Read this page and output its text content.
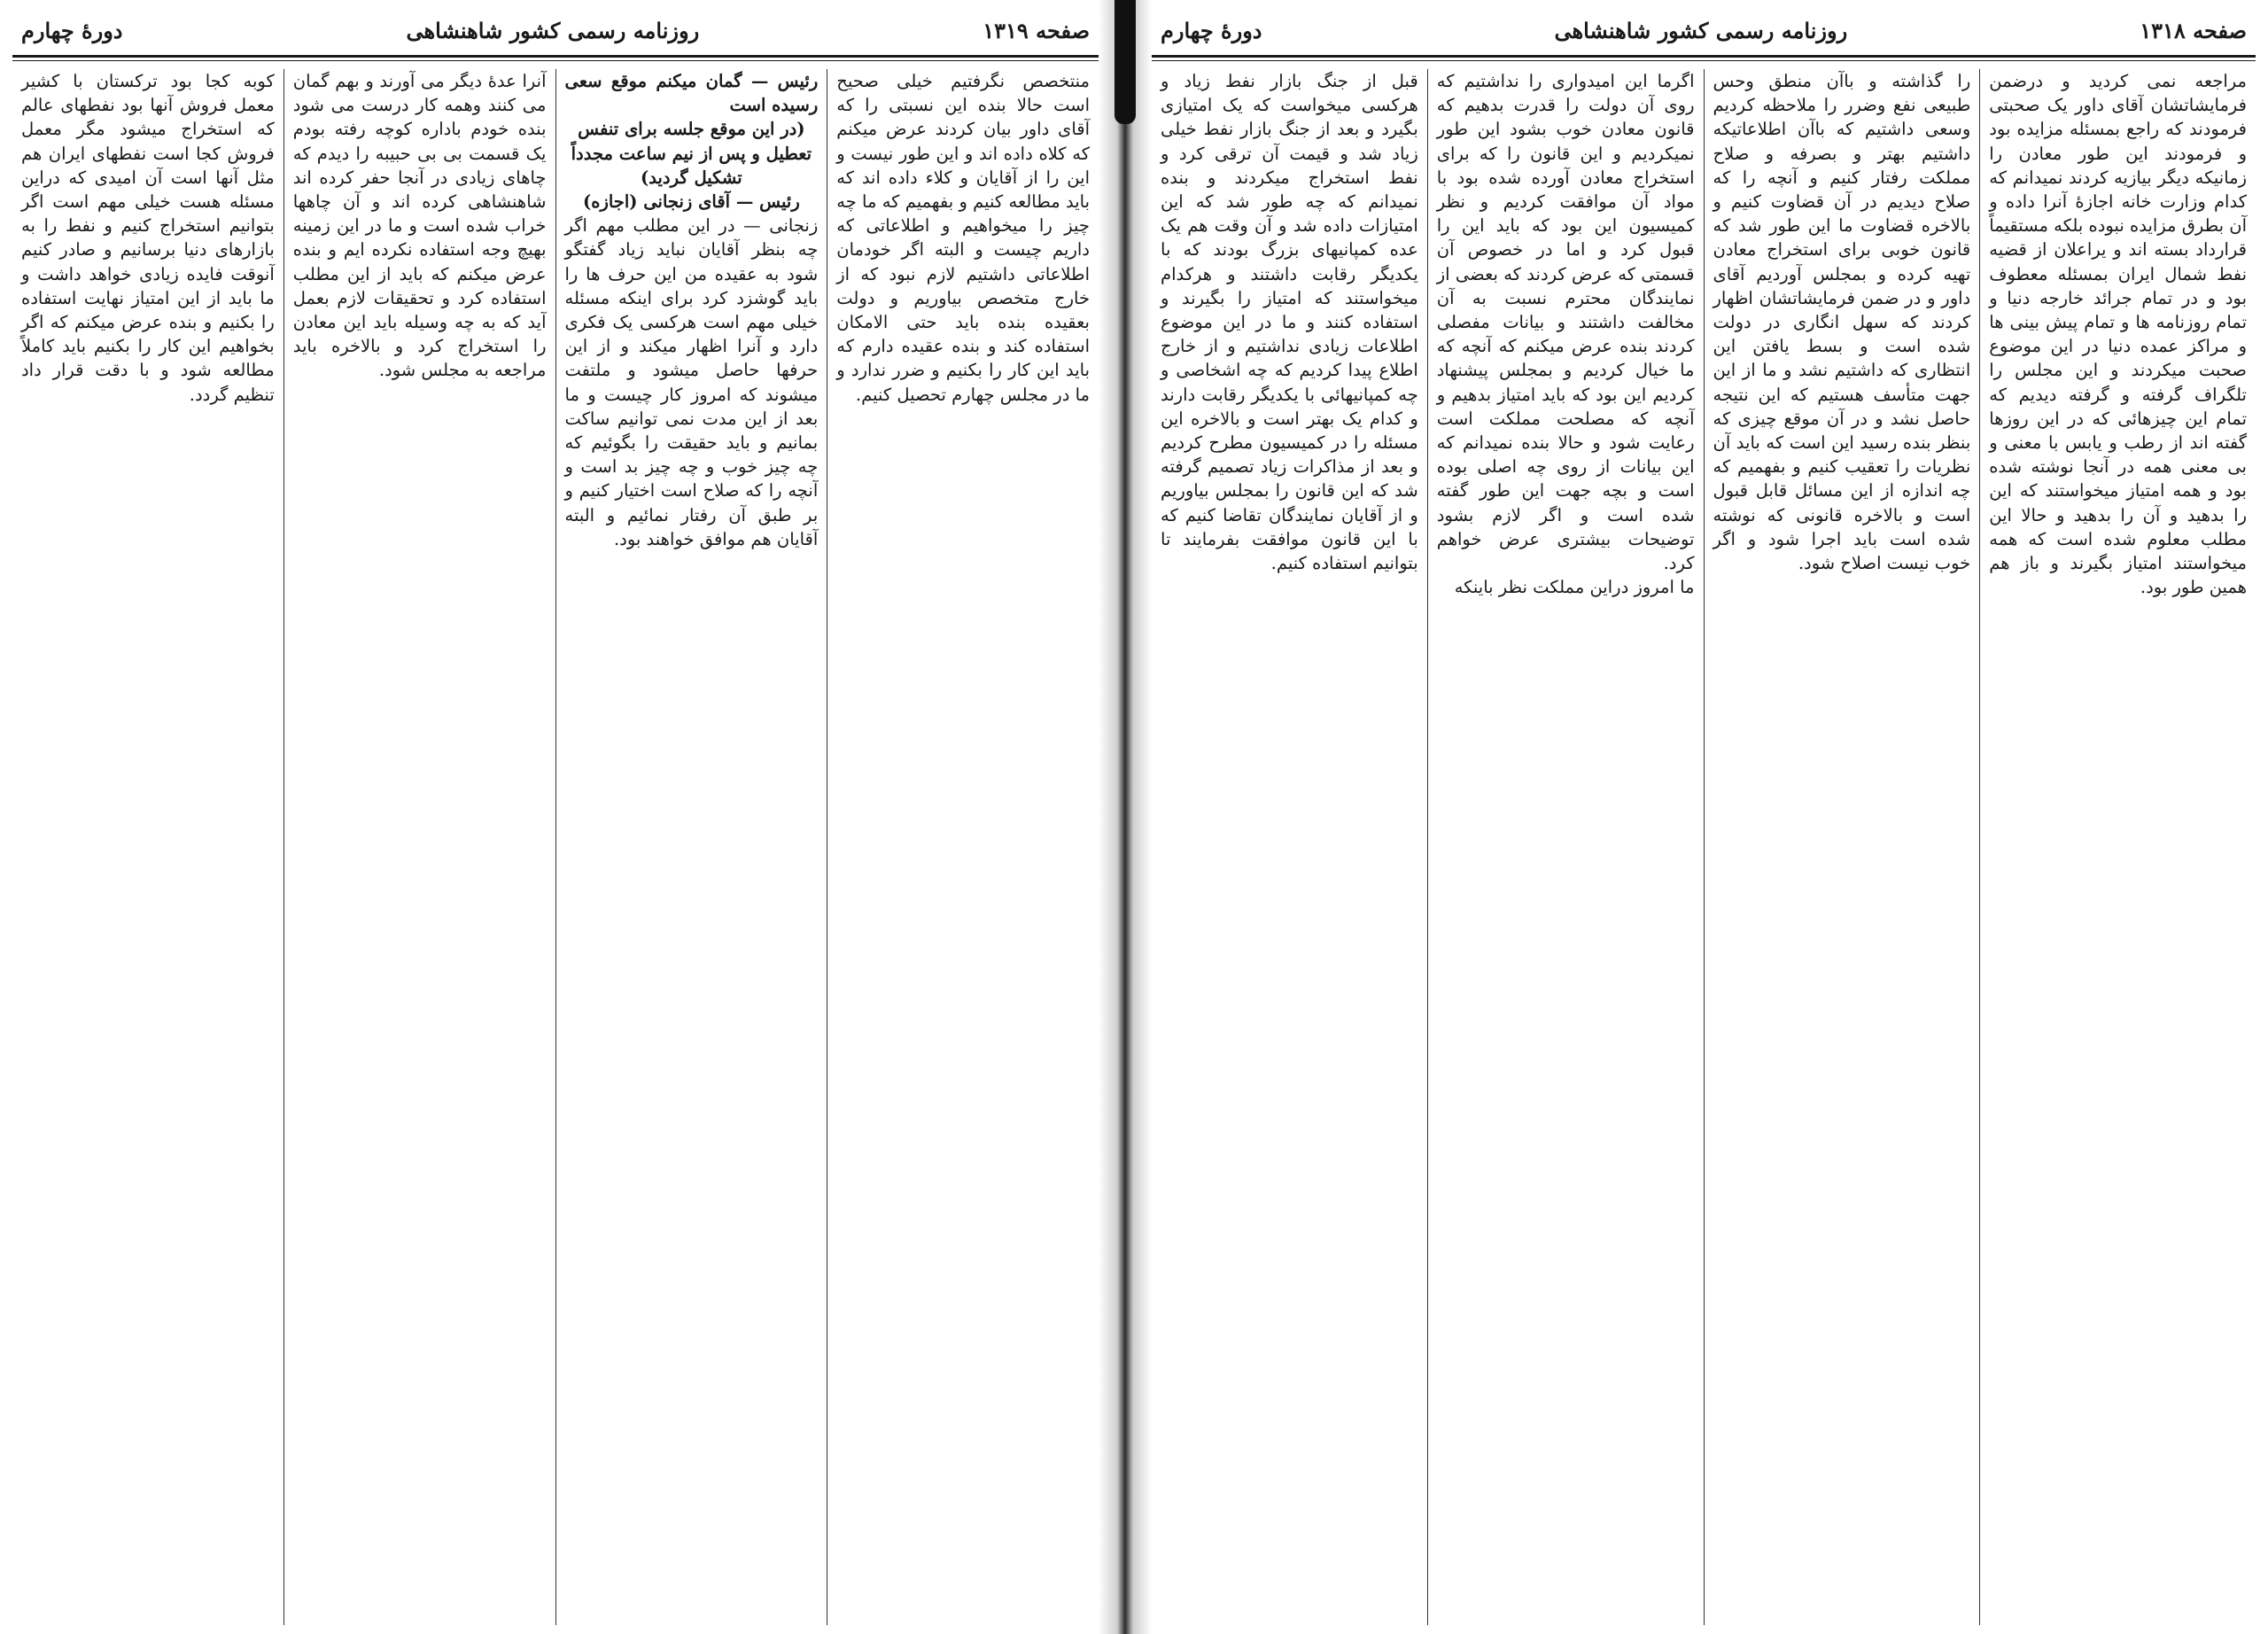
صفحه ۱۳۱۸
روزنامه رسمی کشور شاهنشاهی
دورهٔ چهارم

مراجعه نمی کردید و درضمن فرمایشاتشان آقای داور یک صحبتی فرمودند که راجع بمسئله مزایده بود و فرمودند این طور معادن را زمانیکه دیگر بیازیه کردند نمیدانم که کدام وزارت خانه اجازهٔ آنرا داده و آن بطرق مزایده نبوده بلکه مستقیماً قرارداد بسته اند و یراعلان از قضیه نفط شمال ایران بمسئله معطوف بود و در تمام جرائد خارجه دنیا و تمام روزنامه ها و تمام پیش بینی ها و مراکز عمده دنیا در این موضوع صحبت میکردند و این مجلس را تلگراف گرفته و گرفته دیدیم که تمام این چیزهائی که در این روزها گفته اند از رطب و یابس با معنی و بی معنی همه در آنجا نوشته شده بود و همه امتیاز میخواستند که این را بدهید و آن را بدهید و حالا این مطلب معلوم شده است که همه میخواستند امتیاز بگیرند و باز هم همین طور بود.

را گذاشته و باآن منطق وحس طبیعی نفع وضرر را ملاحظه کردیم وسعی داشتیم که باآن اطلاعاتیکه داشتیم بهتر و بصرفه و صلاح مملکت رفتار کنیم و آنچه را که صلاح دیدیم در آن قضاوت کنیم و بالاخره قضاوت ما این طور شد که قانون خوبی برای استخراج معادن تهیه کرده و بمجلس آوردیم آقای داور و در ضمن فرمایشاتشان اظهار کردند که سهل انگاری در دولت شده است و بسط یافتن این انتظاری که داشتیم نشد و ما از این جهت متأسف هستیم که این نتیجه حاصل نشد و در آن موقع چیزی که بنظر بنده رسید این است که باید آن نظریات را تعقیب کنیم و بفهمیم که چه اندازه از این مسائل قابل قبول است و بالاخره قانونی که نوشته شده است باید اجرا شود و اگر خوب نیست اصلاح شود.

اگرما این امیدواری را نداشتیم که روی آن دولت را قدرت بدهیم که قانون معادن خوب بشود این طور نمیکردیم و این قانون را که برای استخراج معادن آورده شده بود با مواد آن موافقت کردیم و نظر کمیسیون این بود که باید این را قبول کرد و اما در خصوص آن قسمتی که عرض کردند که بعضی از نمایندگان محترم نسبت به آن مخالفت داشتند و بیانات مفصلی کردند بنده عرض میکنم که آنچه که ما خیال کردیم و بمجلس پیشنهاد کردیم این بود که باید امتیاز بدهیم و آنچه که مصلحت مملکت است رعایت شود و حالا بنده نمیدانم که این بیانات از روی چه اصلی بوده است و بچه جهت این طور گفته شده است و اگر لازم بشود توضیحات بیشتری عرض خواهم کرد.

ما امروز دراین مملکت نظر باینکه

قبل از جنگ بازار نفط زیاد و هرکسی میخواست که یک امتیازی بگیرد و بعد از جنگ بازار نفط خیلی زیاد شد و قیمت آن ترقی کرد و نفط استخراج میکردند و بنده نمیدانم که چه طور شد که این امتیازات داده شد و آن وقت هم یک عده کمپانیهای بزرگ بودند که با یکدیگر رقابت داشتند و هرکدام میخواستند که امتیاز را بگیرند و استفاده کنند و ما در این موضوع اطلاعات زیادی نداشتیم و از خارج اطلاع پیدا کردیم که چه اشخاصی و چه کمپانیهائی با یکدیگر رقابت دارند و کدام یک بهتر است و بالاخره این مسئله را در کمیسیون مطرح کردیم و بعد از مذاکرات زیاد تصمیم گرفته شد که این قانون را بمجلس بیاوریم و از آقایان نمایندگان تقاضا کنیم که با این قانون موافقت بفرمایند تا بتوانیم استفاده کنیم.

صفحه ۱۳۱۹
روزنامه رسمی کشور شاهنشاهی
دورهٔ چهارم

منتخصص نگرفتیم خیلی صحیح است حالا بنده این نسبتی را که آقای داور بیان کردند عرض میکنم که کلاه داده اند و این طور نیست و این را از آقایان و کلاء داده اند که باید مطالعه کنیم و بفهمیم که ما چه چیز را میخواهیم و اطلاعاتی که داریم چیست و البته اگر خودمان اطلاعاتی داشتیم لازم نبود که از خارج متخصص بیاوریم و دولت بعقیده بنده باید حتی الامکان استفاده کند و بنده عقیده دارم که باید این کار را بکنیم و ضرر ندارد و ما در مجلس چهارم تحصیل کنیم.

رئیس — گمان میکنم موقع سعی رسیده است

(در این موقع جلسه برای تنفس تعطیل و پس از نیم ساعت مجدداً تشکیل گردید)

رئیس — آقای زنجانی (اجازه)

زنجانی — در این مطلب مهم اگر چه بنظر آقایان نباید زیاد گفتگو شود به عقیده من این حرف ها را باید گوشزد کرد برای اینکه مسئله خیلی مهم است هرکسی یک فکری دارد و آنرا اظهار میکند و از این حرفها حاصل میشود و ملتفت میشوند که امروز کار چیست و ما بعد از این مدت نمی توانیم ساکت بمانیم و باید حقیقت را بگوئیم که چه چیز خوب و چه چیز بد است و آنچه را که صلاح است اختیار کنیم و بر طبق آن رفتار نمائیم و البته آقایان هم موافق خواهند بود.

آنرا عدهٔ دیگر می آورند و بهم گمان می کنند وهمه کار درست می شود بنده خودم باداره کوچه رفته بودم یک قسمت بی بی حبیبه را دیدم که چاهای زیادی در آنجا حفر کرده اند شاهنشاهی کرده اند و آن چاهها خراب شده است و ما در این زمینه بهیچ وجه استفاده نکرده ایم و بنده عرض میکنم که باید از این مطلب استفاده کرد و تحقیقات لازم بعمل آید که به چه وسیله باید این معادن را استخراج کرد و بالاخره باید مراجعه به مجلس شود.

کوبه کجا بود ترکستان با کشیر معمل فروش آنها بود نفطهای عالم که استخراج میشود مگر معمل فروش کجا است نفطهای ایران هم مثل آنها است آن امیدی که دراین مسئله هست خیلی مهم است اگر بتوانیم استخراج کنیم و نفط را به بازارهای دنیا برسانیم و صادر کنیم آنوقت فایده زیادی خواهد داشت و ما باید از این امتیاز نهایت استفاده را بکنیم و بنده عرض میکنم که اگر بخواهیم این کار را بکنیم باید کاملاً مطالعه شود و با دقت قرار داد تنظیم گردد.
